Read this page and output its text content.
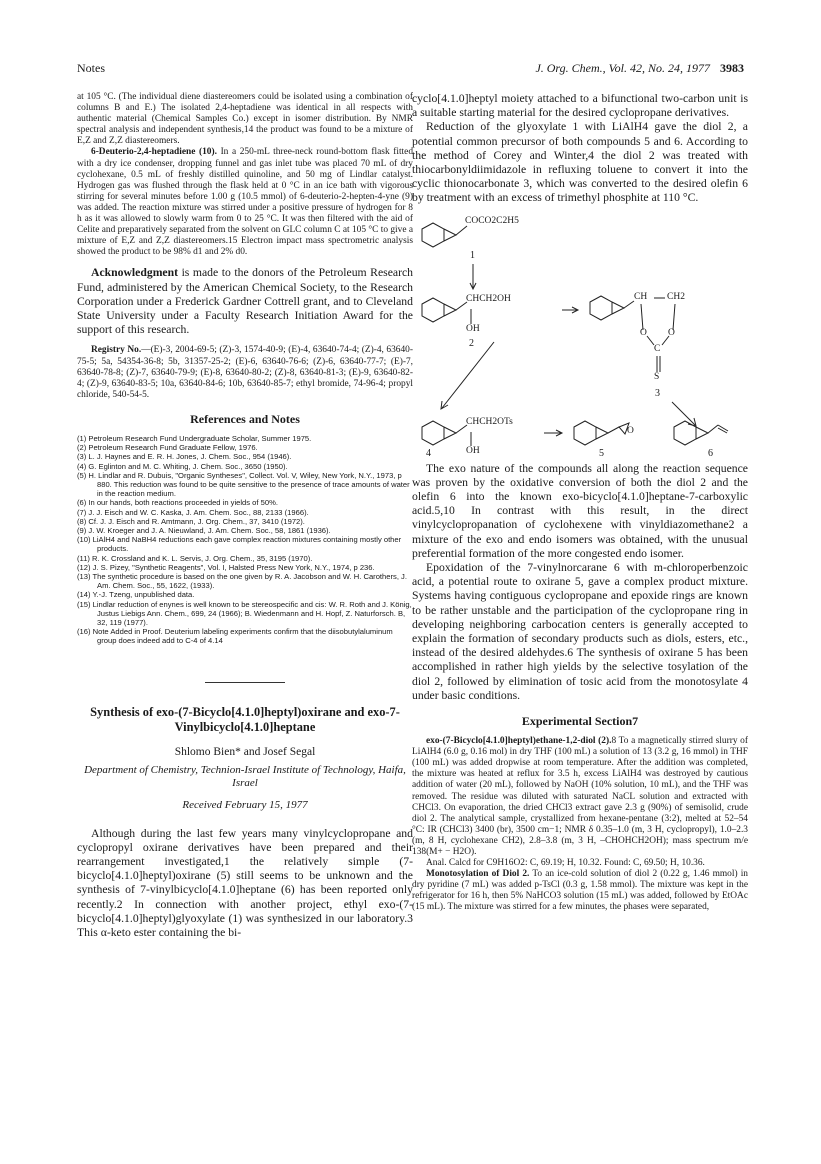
Notes	J. Org. Chem., Vol. 42, No. 24, 1977 3983

at 105 °C. (The individual diene diastereomers could be isolated using a combination of columns B and E.) The isolated 2,4-heptadiene was identical in all respects with authentic material (Chemical Samples Co.) except in isomer distribution. By NMR spectral analysis and independent synthesis,14 the product was found to be a mixture of E,Z and Z,Z diastereomers.

6-Deuterio-2,4-heptadiene (10). In a 250-mL three-neck round-bottom flask fitted with a dry ice condenser, dropping funnel and gas inlet tube was placed 70 mL of dry cyclohexane, 0.5 mL of freshly distilled quinoline, and 50 mg of Lindlar catalyst. Hydrogen gas was flushed through the flask held at 0 °C in an ice bath with vigorous stirring for several minutes before 1.00 g (10.5 mmol) of 6-deuterio-2-hepten-4-yne (9) was added. The reaction mixture was stirred under a positive pressure of hydrogen for 8 h as it was allowed to slowly warm from 0 to 25 °C. It was then filtered with the aid of Celite and preparatively separated from the solvent on GLC column C at 105 °C to give a mixture of E,Z and Z,Z diastereomers.15 Electron impact mass spectrometric analysis showed the product to be 98% d1 and 2% d0.

Acknowledgment is made to the donors of the Petroleum Research Fund, administered by the American Chemical Society, to the Research Corporation under a Frederick Gardner Cottrell grant, and to Cleveland State University under a Faculty Research Initiation Award for the support of this research.

Registry No.—(E)-3, 2004-69-5; (Z)-3, 1574-40-9; (E)-4, 63640-74-4; (Z)-4, 63640-75-5; 5a, 54354-36-8; 5b, 31357-25-2; (E)-6, 63640-76-6; (Z)-6, 63640-77-7; (E)-7, 63640-78-8; (Z)-7, 63640-79-9; (E)-8, 63640-80-2; (Z)-8, 63640-81-3; (E)-9, 63640-82-4; (Z)-9, 63640-83-5; 10a, 63640-84-6; 10b, 63640-85-7; ethyl bromide, 74-96-4; propyl chloride, 540-54-5.

References and Notes
(1) Petroleum Research Fund Undergraduate Scholar, Summer 1975.
(2) Petroleum Research Fund Graduate Fellow, 1976.
(3) L. J. Haynes and E. R. H. Jones, J. Chem. Soc., 954 (1946).
(4) G. Eglinton and M. C. Whiting, J. Chem. Soc., 3650 (1950).
(5) H. Lindlar and R. Dubuis, "Organic Syntheses", Collect. Vol. V, Wiley, New York, N.Y., 1973, p 880. This reduction was found to be quite sensitive to the presence of trace amounts of water in the reaction medium.
(6) In our hands, both reactions proceeded in yields of 50%.
(7) J. J. Eisch and W. C. Kaska, J. Am. Chem. Soc., 88, 2133 (1966).
(8) Cf. J. J. Eisch and R. Amtmann, J. Org. Chem., 37, 3410 (1972).
(9) J. W. Kroeger and J. A. Nieuwland, J. Am. Chem. Soc., 58, 1861 (1936).
(10) LiAlH4 and NaBH4 reductions each gave complex reaction mixtures containing mostly other products.
(11) R. K. Crossland and K. L. Servis, J. Org. Chem., 35, 3195 (1970).
(12) J. S. Pizey, "Synthetic Reagents", Vol. I, Halsted Press New York, N.Y., 1974, p 236.
(13) The synthetic procedure is based on the one given by R. A. Jacobson and W. H. Carothers, J. Am. Chem. Soc., 55, 1622, (1933).
(14) Y.-J. Tzeng, unpublished data.
(15) Lindlar reduction of enynes is well known to be stereospecific and cis: W. R. Roth and J. König, Justus Liebigs Ann. Chem., 699, 24 (1966); B. Wiedenmann and H. Hopf, Z. Naturforsch. B, 32, 119 (1977).
(16) Note Added in Proof. Deuterium labeling experiments confirm that the diisobutylaluminum group does indeed add to C-4 of 4.14
Synthesis of exo-(7-Bicyclo[4.1.0]heptyl)oxirane and exo-7-Vinylbicyclo[4.1.0]heptane
Shlomo Bien* and Josef Segal
Department of Chemistry, Technion-Israel Institute of Technology, Haifa, Israel
Received February 15, 1977

Although during the last few years many vinylcyclopropane and cyclopropyl oxirane derivatives have been prepared and their rearrangement investigated,1 the relatively simple (7-bicyclo[4.1.0]heptyl)oxirane (5) still seems to be unknown and the synthesis of 7-vinylbicyclo[4.1.0]heptane (6) has been reported only recently.2 In connection with another project, ethyl exo-(7-bicyclo[4.1.0]heptyl)glyoxylate (1) was synthesized in our laboratory.3 This α-keto ester containing the bi-

cyclo[4.1.0]heptyl moiety attached to a bifunctional two-carbon unit is a suitable starting material for the desired cyclopropane derivatives.

Reduction of the glyoxylate 1 with LiAlH4 gave the diol 2, a potential common precursor of both compounds 5 and 6. According to the method of Corey and Winter,4 the diol 2 was treated with thiocarbonyldiimidazole in refluxing toluene to convert it into the cyclic thionocarbonate 3, which was converted to the desired olefin 6 by treatment with an excess of trimethyl phosphite at 110 °C.

COCO2C2H5
1
CHCH2OH
OH
2
CH CH2
O O
C
S
3
CHCH2OTs
OH
4
O
5	6

The exo nature of the compounds all along the reaction sequence was proven by the oxidative conversion of both the diol 2 and the olefin 6 into the known exo-bicyclo[4.1.0]heptane-7-carboxylic acid.5,10 In contrast with this result, in the direct vinylcyclopropanation of cyclohexene with vinyldiazomethane2 a mixture of the exo and endo isomers was obtained, with the unusual preferential formation of the more congested endo isomer.

Epoxidation of the 7-vinylnorcarane 6 with m-chloroperbenzoic acid, a potential route to oxirane 5, gave a complex product mixture. Systems having contiguous cyclopropane and epoxide rings are known to be rather unstable and the participation of the cyclopropane ring in developing neighboring carbocation centers is generally accepted to explain the formation of secondary products such as diols, esters, etc., instead of the desired aldehydes.6 The synthesis of oxirane 5 has been accomplished in rather high yields by the selective tosylation of the diol 2, followed by elimination of tosic acid from the monotosylate 4 under basic conditions.

Experimental Section7

exo-(7-Bicyclo[4.1.0]heptyl)ethane-1,2-diol (2).8 To a magnetically stirred slurry of LiAlH4 (6.0 g, 0.16 mol) in dry THF (100 mL) a solution of 13 (3.2 g, 16 mmol) in THF (100 mL) was added dropwise at room temperature. After the addition was completed, the mixture was heated at reflux for 3.5 h, excess LiAlH4 was destroyed by cautious addition of water (20 mL), followed by NaOH (10% solution, 10 mL), and the THF was removed. The residue was diluted with saturated NaCL solution and extracted with CHCl3. On evaporation, the dried CHCl3 extract gave 2.3 g (90%) of semisolid, crude diol 2. The analytical sample, crystallized from hexane-pentane (3:2), melted at 52–54 °C: IR (CHCl3) 3400 (br), 3500 cm−1; NMR δ 0.35–1.0 (m, 3 H, cyclopropyl), 1.0–2.3 (m, 8 H, cyclohexane CH2), 2.8–3.8 (m, 3 H, –CHOHCH2OH); mass spectrum m/e 138(M+ − H2O).

Anal. Calcd for C9H16O2: C, 69.19; H, 10.32. Found: C, 69.50; H, 10.36.

Monotosylation of Diol 2. To an ice-cold solution of diol 2 (0.22 g, 1.46 mmol) in dry pyridine (7 mL) was added p-TsCl (0.3 g, 1.58 mmol). The mixture was kept in the refrigerator for 16 h, then 5% NaHCO3 solution (15 mL) was added, followed by EtOAc (15 mL). The mixture was stirred for a few minutes, the phases were separated,
